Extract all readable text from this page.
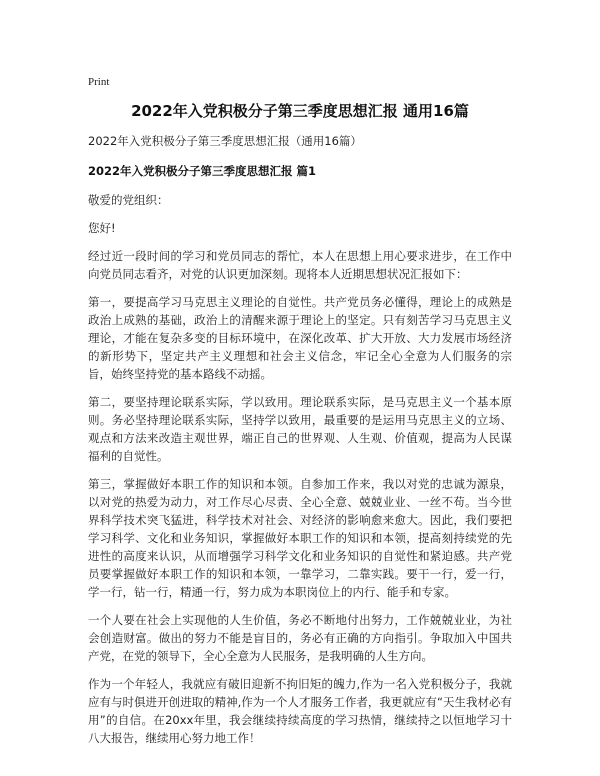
Print
2022年入党积极分子第三季度思想汇报 通用16篇
2022年入党积极分子第三季度思想汇报（通用16篇）
2022年入党积极分子第三季度思想汇报 篇1

敬爱的党组织：

您好!

经过近一段时间的学习和党员同志的帮忙，本人在思想上用心要求进步，在工作中向党员同志看齐，对党的认识更加深刻。现将本人近期思想状况汇报如下：

第一，要提高学习马克思主义理论的自觉性。共产党员务必懂得，理论上的成熟是政治上成熟的基础，政治上的清醒来源于理论上的坚定。只有刻苦学习马克思主义理论，才能在复杂多变的目标环境中，在深化改革、扩大开放、大力发展市场经济的新形势下，坚定共产主义理想和社会主义信念，牢记全心全意为人们服务的宗旨，始终坚持党的基本路线不动摇。

第二，要坚持理论联系实际，学以致用。理论联系实际，是马克思主义一个基本原则。务必坚持理论联系实际，坚持学以致用，最重要的是运用马克思主义的立场、观点和方法来改造主观世界，端正自己的世界观、人生观、价值观，提高为人民谋福利的自觉性。

第三，掌握做好本职工作的知识和本领。自参加工作来，我以对党的忠诚为源泉，以对党的热爱为动力，对工作尽心尽责、全心全意、兢兢业业、一丝不苟。当今世界科学技术突飞猛进，科学技术对社会、对经济的影响愈来愈大。因此，我们要把学习科学、文化和业务知识，掌握做好本职工作的知识和本领，提高刻持续党的先进性的高度来认识，从而增强学习科学文化和业务知识的自觉性和紧迫感。共产党员要掌握做好本职工作的知识和本领，一靠学习，二靠实践。要干一行，爱一行，学一行，钻一行，精通一行，努力成为本职岗位上的内行、能手和专家。

一个人要在社会上实现他的人生价值，务必不断地付出努力，工作兢兢业业，为社会创造财富。做出的努力不能是盲目的，务必有正确的方向指引。争取加入中国共产党，在党的领导下，全心全意为人民服务，是我明确的人生方向。

作为一个年轻人，我就应有破旧迎新不拘旧矩的魄力,作为一名入党积极分子，我就应有与时俱进开创进取的精神,作为一个人才服务工作者，我更就应有“天生我材必有用”的自信。在20xx年里，我会继续持续高度的学习热情，继续持之以恒地学习十八大报告，继续用心努力地工作！
